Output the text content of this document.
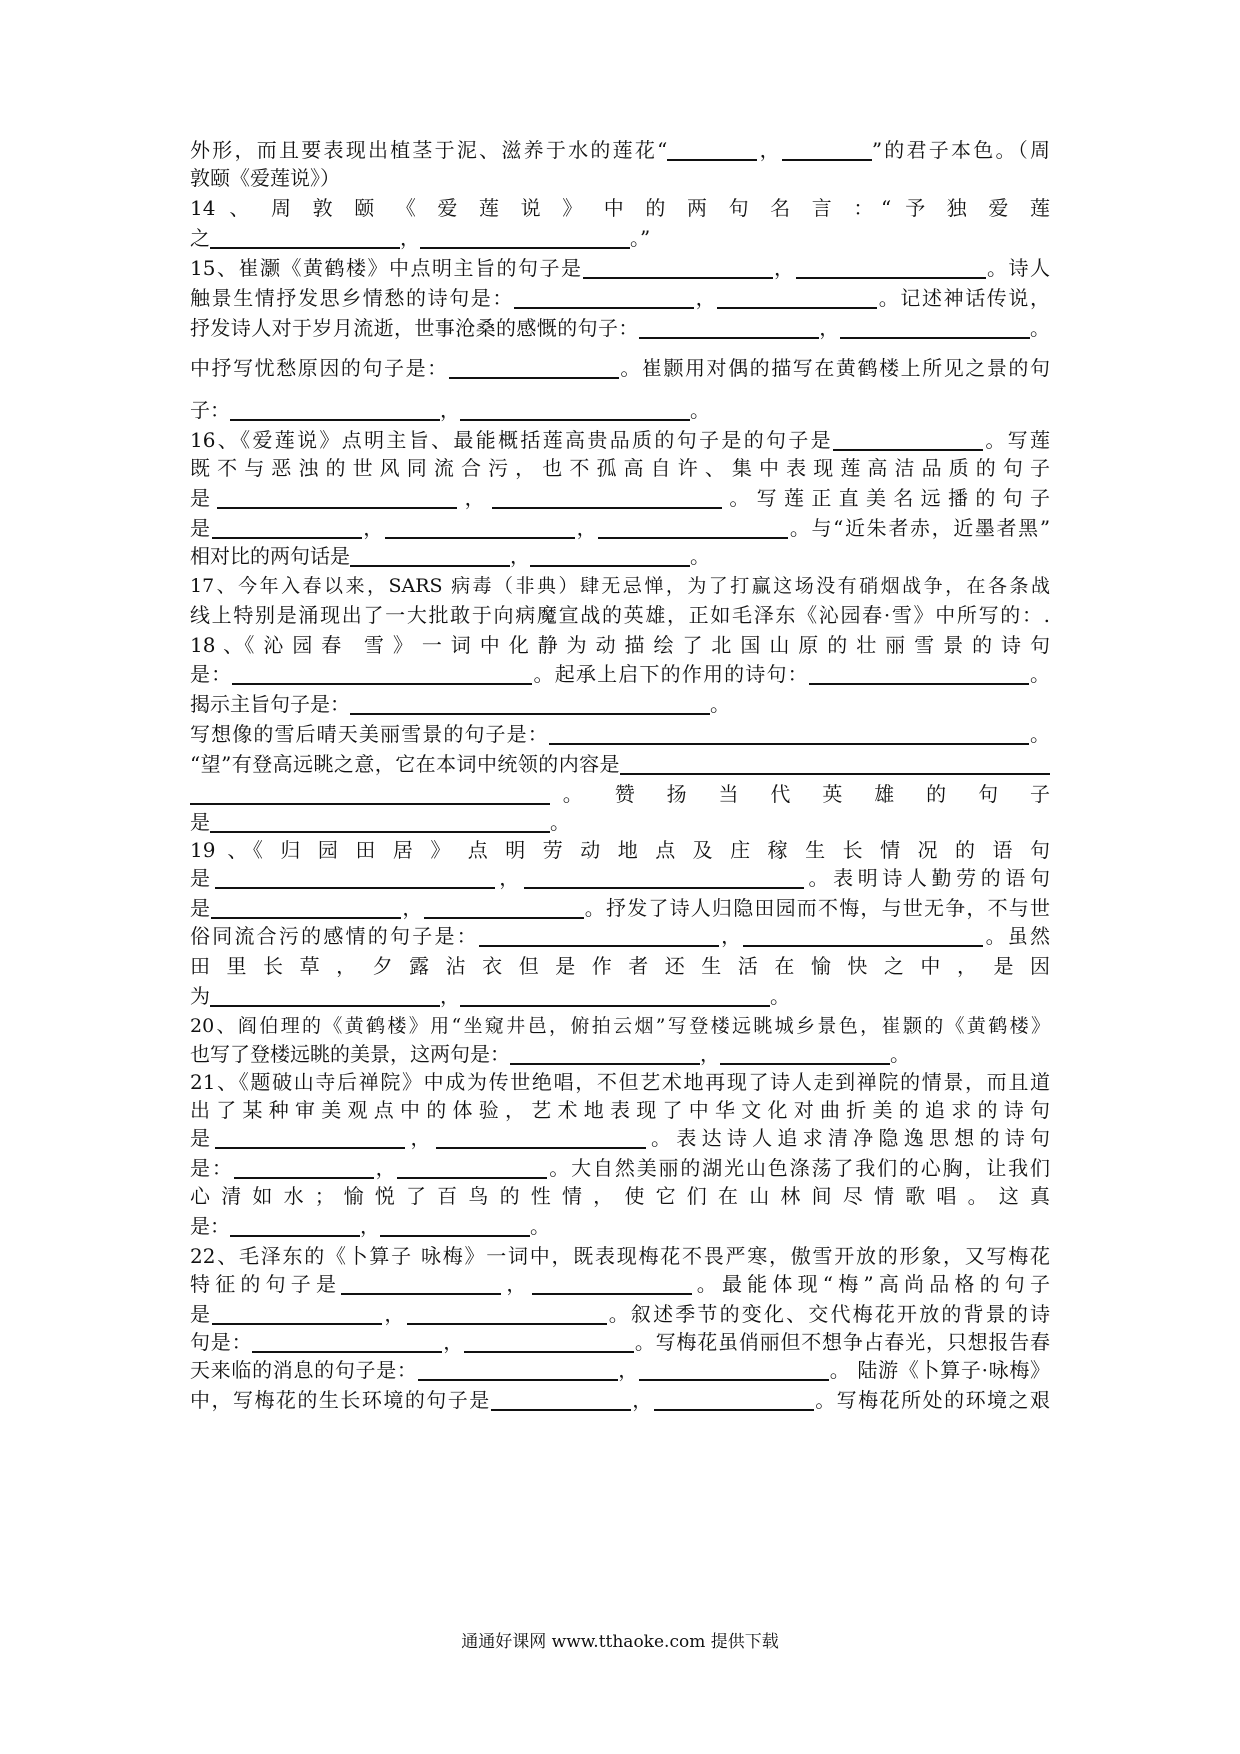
外形，而且要表现出植茎于泥、滋养于水的莲花“	，	”的君子本色。（周
敦颐《爱莲说》）
14 、 周 敦 颐 《 爱 莲 说 》 中 的 两 句 名 言 ：“ 予 独 爱 莲
之	，	。”
15、崔灏《黄鹤楼》中点明主旨的句子是	，	。诗人
触景生情抒发思乡情愁的诗句是：	，	。记述神话传说，
抒发诗人对于岁月流逝，世事沧桑的感慨的句子：	，	。
中抒写忧愁原因的句子是：	。崔颢用对偶的描写在黄鹤楼上所见之景的句
子：	，	。
16、《爱莲说》点明主旨、最能概括莲高贵品质的句子是的句子是	。写莲
既不与恶浊的世风同流合污，也不孤高自许、集中表现莲高洁品质的句子
是	，	。写莲正直美名远播的句子
是	，	，	。与“近朱者赤，近墨者黑”
相对比的两句话是	，	。
17、今年入春以来，SARS 病毒（非典）肆无忌惮，为了打赢这场没有硝烟战争，在各条战
线上特别是涌现出了一大批敢于向病魔宣战的英雄，正如毛泽东《沁园春·雪》中所写的：.
18 、《 沁 园 春　雪 》 一 词 中 化 静 为 动 描 绘 了 北 国 山 原 的 壮 丽 雪 景 的 诗 句
是：	。起承上启下的作用的诗句：	。
揭示主旨句子是：	。
写想像的雪后晴天美丽雪景的句子是：	。
“望”有登高远眺之意，它在本词中统领的内容是
。 赞 扬 当 代 英 雄 的 句 子
是	。
19 、《 归 园 田 居 》 点 明 劳 动 地 点 及 庄 稼 生 长 情 况 的 语 句
是	，	。表明诗人勤劳的语句
是	，	。抒发了诗人归隐田园而不悔，与世无争，不与世
俗同流合污的感情的句子是：	，	。虽然
田 里 长 草 ， 夕 露 沾 衣 但 是 作 者 还 生 活 在 愉 快 之 中 ， 是 因
为	，	。
20、阎伯理的《黄鹤楼》用“坐窥井邑，俯拍云烟”写登楼远眺城乡景色，崔颢的《黄鹤楼》
也写了登楼远眺的美景，这两句是：	，	。
21、《题破山寺后禅院》中成为传世绝唱，不但艺术地再现了诗人走到禅院的情景，而且道
出了某种审美观点中的体验，艺术地表现了中华文化对曲折美的追求的诗句
是	，	。表达诗人追求清净隐逸思想的诗句
是：	，	。大自然美丽的湖光山色涤荡了我们的心胸，让我们
心 清 如 水 ； 愉 悦 了 百 鸟 的 性 情 ， 使 它 们 在 山 林 间 尽 情 歌 唱 。 这 真
是：	，	。
22、毛泽东的《卜算子 咏梅》一词中，既表现梅花不畏严寒，傲雪开放的形象，又写梅花
特征的句子是	，	。最能体现“梅”高尚品格的句子
是	，	。叙述季节的变化、交代梅花开放的背景的诗
句是：	，	。写梅花虽俏丽但不想争占春光，只想报告春
天来临的消息的句子是：	，	。 陆游《卜算子·咏梅》
中，写梅花的生长环境的句子是	，	。写梅花所处的环境之艰
通通好课网 www.tthaoke.com 提供下载
